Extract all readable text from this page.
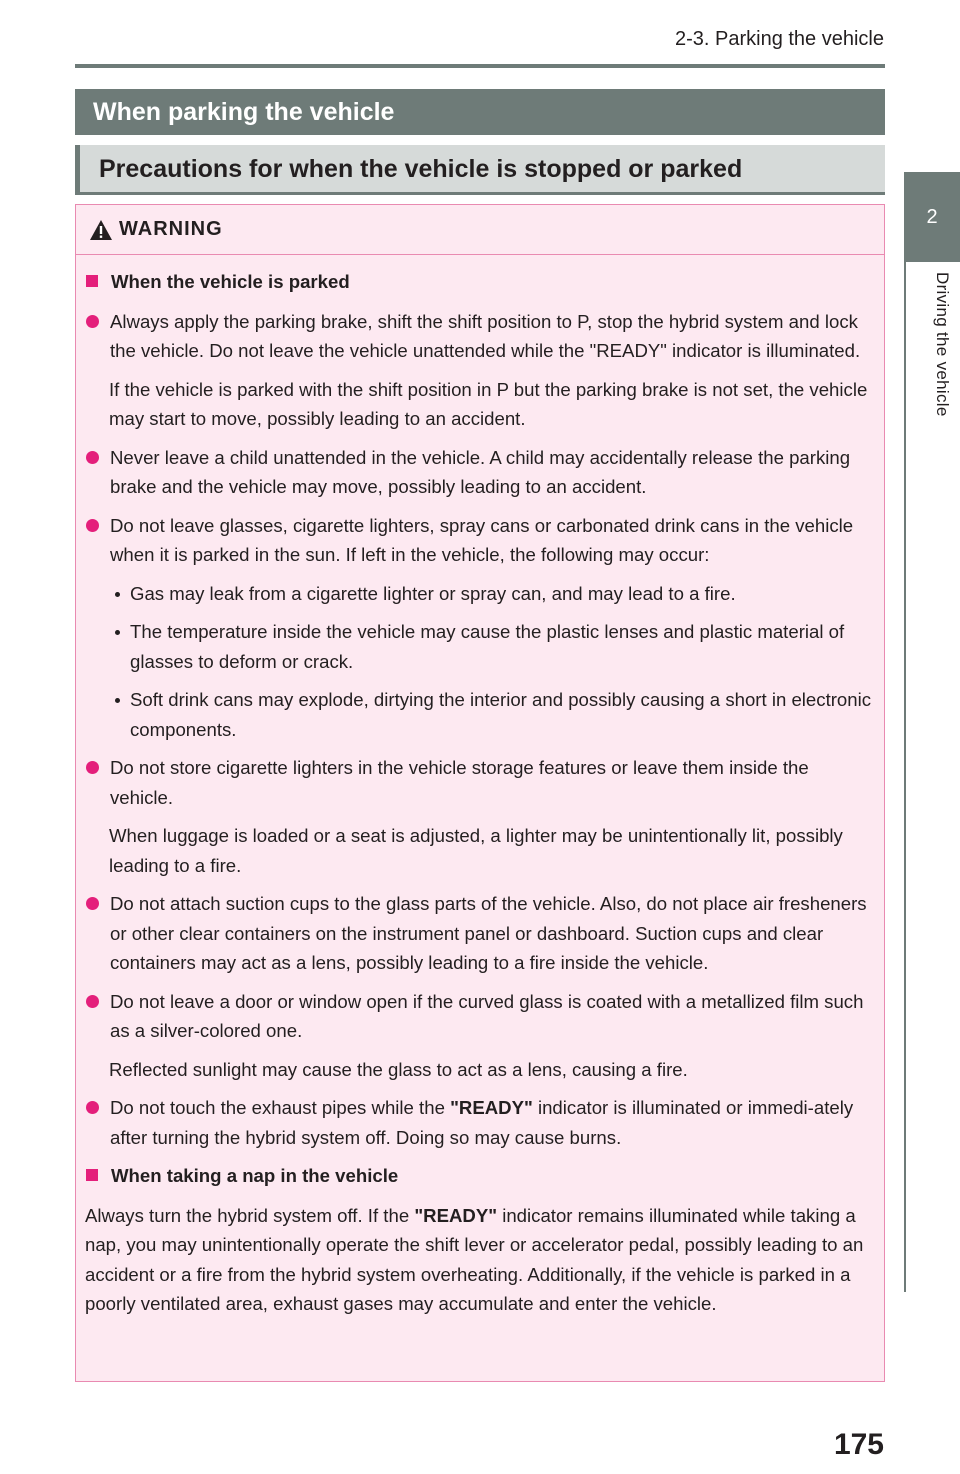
2-3. Parking the vehicle
2
Driving the vehicle
When parking the vehicle
Precautions for when the vehicle is stopped or parked
WARNING
When the vehicle is parked
Always apply the parking brake, shift the shift position to P, stop the hybrid system and lock the vehicle. Do not leave the vehicle unattended while the "READY" indicator is illuminated.
If the vehicle is parked with the shift position in P but the parking brake is not set, the vehicle may start to move, possibly leading to an accident.
Never leave a child unattended in the vehicle. A child may accidentally release the parking brake and the vehicle may move, possibly leading to an accident.
Do not leave glasses, cigarette lighters, spray cans or carbonated drink cans in the vehicle when it is parked in the sun. If left in the vehicle, the following may occur:
Gas may leak from a cigarette lighter or spray can, and may lead to a fire.
The temperature inside the vehicle may cause the plastic lenses and plastic material of glasses to deform or crack.
Soft drink cans may explode, dirtying the interior and possibly causing a short in electronic components.
Do not store cigarette lighters in the vehicle storage features or leave them inside the vehicle.
When luggage is loaded or a seat is adjusted, a lighter may be unintentionally lit, possibly leading to a fire.
Do not attach suction cups to the glass parts of the vehicle. Also, do not place air fresheners or other clear containers on the instrument panel or dashboard. Suction cups and clear containers may act as a lens, possibly leading to a fire inside the vehicle.
Do not leave a door or window open if the curved glass is coated with a metallized film such as a silver-colored one.
Reflected sunlight may cause the glass to act as a lens, causing a fire.
Do not touch the exhaust pipes while the "READY" indicator is illuminated or immedi-ately after turning the hybrid system off. Doing so may cause burns.
When taking a nap in the vehicle
Always turn the hybrid system off. If the "READY" indicator remains illuminated while taking a nap, you may unintentionally operate the shift lever or accelerator pedal, possibly leading to an accident or a fire from the hybrid system overheating. Additionally, if the vehicle is parked in a poorly ventilated area, exhaust gases may accumulate and enter the vehicle.
175
